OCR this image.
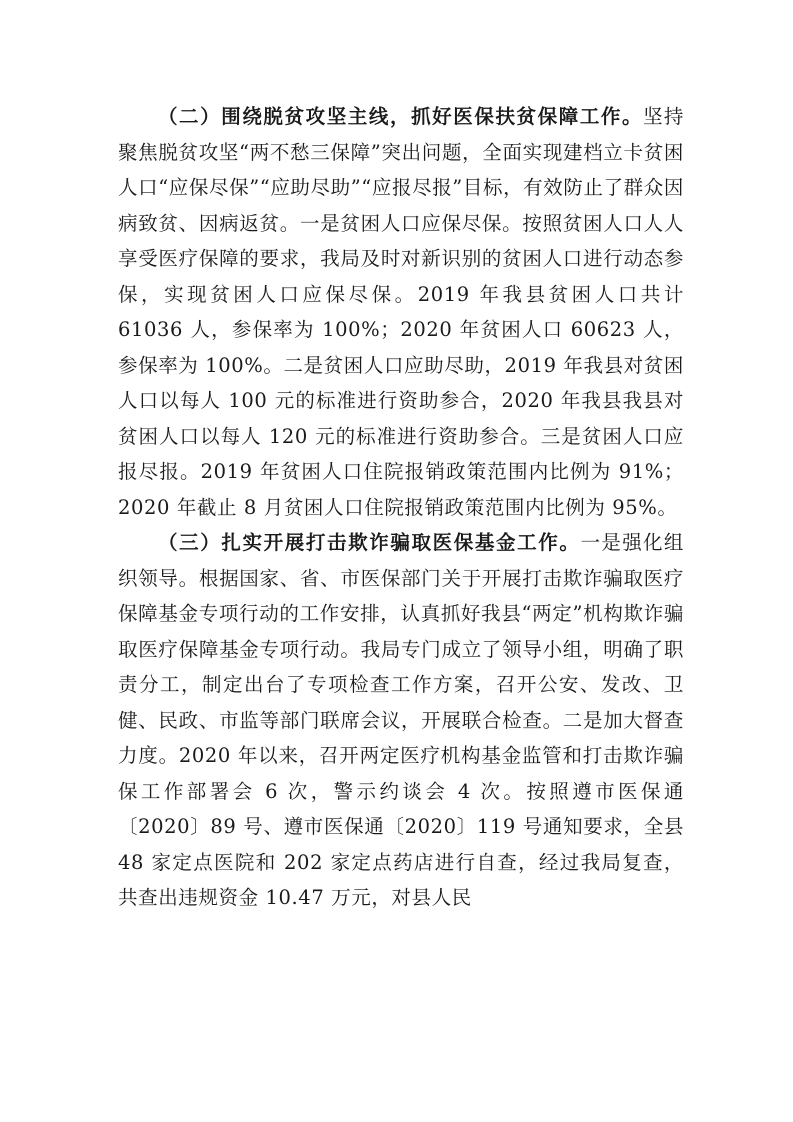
（二）围绕脱贫攻坚主线，抓好医保扶贫保障工作。坚持聚焦脱贫攻坚“两不愁三保障”突出问题，全面实现建档立卡贫困人口“应保尽保”“应助尽助”“应报尽报”目标，有效防止了群众因病致贫、因病返贫。一是贫困人口应保尽保。按照贫困人口人人享受医疗保障的要求，我局及时对新识别的贫困人口进行动态参保，实现贫困人口应保尽保。2019 年我县贫困人口共计 61036 人，参保率为 100%；2020 年贫困人口 60623 人，参保率为 100%。二是贫困人口应助尽助，2019 年我县对贫困人口以每人 100 元的标准进行资助参合，2020 年我县我县对贫困人口以每人 120 元的标准进行资助参合。三是贫困人口应报尽报。2019 年贫困人口住院报销政策范围内比例为 91%；2020 年截止 8 月贫困人口住院报销政策范围内比例为 95%。

（三）扎实开展打击欺诈骗取医保基金工作。一是强化组织领导。根据国家、省、市医保部门关于开展打击欺诈骗取医疗保障基金专项行动的工作安排，认真抓好我县“两定”机构欺诈骗取医疗保障基金专项行动。我局专门成立了领导小组，明确了职责分工，制定出台了专项检查工作方案，召开公安、发改、卫健、民政、市监等部门联席会议，开展联合检查。二是加大督查力度。2020 年以来，召开两定医疗机构基金监管和打击欺诈骗保工作部署会 6 次，警示约谈会 4 次。按照遵市医保通〔2020〕89 号、遵市医保通〔2020〕119 号通知要求，全县 48 家定点医院和 202 家定点药店进行自查，经过我局复查，共查出违规资金 10.47 万元，对县人民
